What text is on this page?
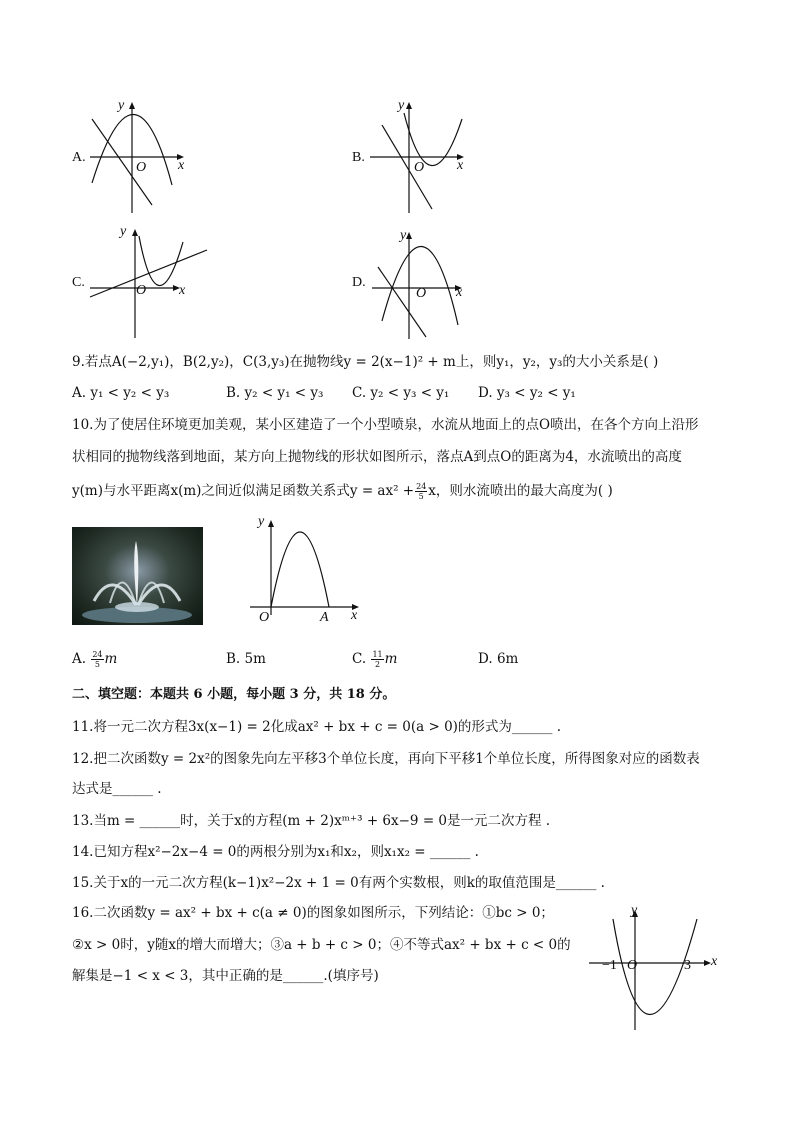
A.
y
x
O
B.
y
x
O
C.
y
x
O
D.
y
x
O
9.若点A(−2,y₁)，B(2,y₂)，C(3,y₃)在抛物线y = 2(x−1)² + m上，则y₁，y₂，y₃的大小关系是( )
A. y₁ < y₂ < y₃	B. y₂ < y₁ < y₃ C. y₂ < y₃ < y₁ D. y₃ < y₂ < y₁
10.为了使居住环境更加美观，某小区建造了一个小型喷泉，水流从地面上的点O喷出，在各个方向上沿形
状相同的抛物线落到地面，某方向上抛物线的形状如图所示，落点A到点O的距离为4，水流喷出的高度
y(m)与水平距离x(m)之间近似满足函数关系式$y = ax^2 + \frac{24}{5}$ x，则水流喷出的最大高度为( )
y
x
O	A
A. $\frac{24}{5}$ m	B. 5m	C. $\frac{11}{2}$ m	D. 6m
二、填空题：本题共 6 小题，每小题 3 分，共 18 分。
11.将一元二次方程3x(x−1) = 2化成ax² + bx + c = 0(a > 0)的形式为______ .
12.把二次函数y = 2x²的图象先向左平移3个单位长度，再向下平移1个单位长度，所得图象对应的函数表
达式是______ .
13.当m = ______时，关于x的方程(m + 2)xᵐ⁺³ + 6x−9 = 0是一元二次方程 .
14.已知方程x²−2x−4 = 0的两根分别为x₁和x₂，则x₁x₂ = ______ .
15.关于x的一元二次方程(k−1)x²−2x + 1 = 0有两个实数根，则k的取值范围是______ .
16.二次函数y = ax² + bx + c(a ≠ 0)的图象如图所示，下列结论：①bc > 0；
②x > 0时，y随x的增大而增大；③a + b + c > 0；④不等式ax² + bx + c < 0的
解集是−1 < x < 3，其中正确的是______.(填序号)
y
x
−1 O	3
